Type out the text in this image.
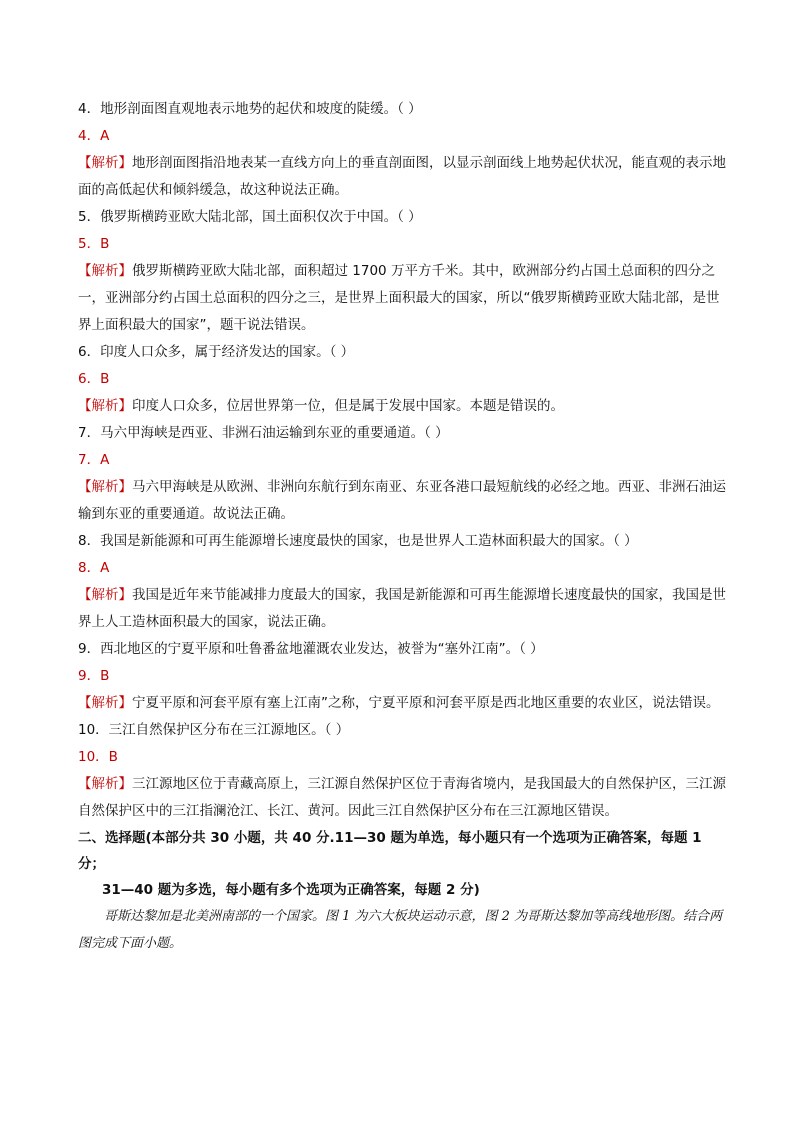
4．地形剖面图直观地表示地势的起伏和坡度的陡缓。（ ）
4．A
【解析】地形剖面图指沿地表某一直线方向上的垂直剖面图，以显示剖面线上地势起伏状况，能直观的表示地面的高低起伏和倾斜缓急，故这种说法正确。
5．俄罗斯横跨亚欧大陆北部，国土面积仅次于中国。（ ）
5．B
【解析】俄罗斯横跨亚欧大陆北部，面积超过 1700 万平方千米。其中，欧洲部分约占国土总面积的四分之一，亚洲部分约占国土总面积的四分之三，是世界上面积最大的国家，所以“俄罗斯横跨亚欧大陆北部，是世界上面积最大的国家”，题干说法错误。
6．印度人口众多，属于经济发达的国家。（ ）
6．B
【解析】印度人口众多，位居世界第一位，但是属于发展中国家。本题是错误的。
7．马六甲海峡是西亚、非洲石油运输到东亚的重要通道。（ ）
7．A
【解析】马六甲海峡是从欧洲、非洲向东航行到东南亚、东亚各港口最短航线的必经之地。西亚、非洲石油运输到东亚的重要通道。故说法正确。
8．我国是新能源和可再生能源增长速度最快的国家，也是世界人工造林面积最大的国家。（ ）
8．A
【解析】我国是近年来节能减排力度最大的国家，我国是新能源和可再生能源增长速度最快的国家，我国是世界上人工造林面积最大的国家，说法正确。
9．西北地区的宁夏平原和吐鲁番盆地灌溉农业发达，被誉为“塞外江南”。（ ）
9．B
【解析】宁夏平原和河套平原有塞上江南”之称，宁夏平原和河套平原是西北地区重要的农业区，说法错误。
10．三江自然保护区分布在三江源地区。（ ）
10．B
【解析】三江源地区位于青藏高原上，三江源自然保护区位于青海省境内，是我国最大的自然保护区，三江源自然保护区中的三江指澜沧江、长江、黄河。因此三江自然保护区分布在三江源地区错误。
二、选择题(本部分共 30 小题，共 40 分.11—30 题为单选，每小题只有一个选项为正确答案，每题 1 分；
31—40 题为多选，每小题有多个选项为正确答案，每题 2 分)
哥斯达黎加是北美洲南部的一个国家。图 1 为六大板块运动示意，图 2 为哥斯达黎加等高线地形图。结合两图完成下面小题。
